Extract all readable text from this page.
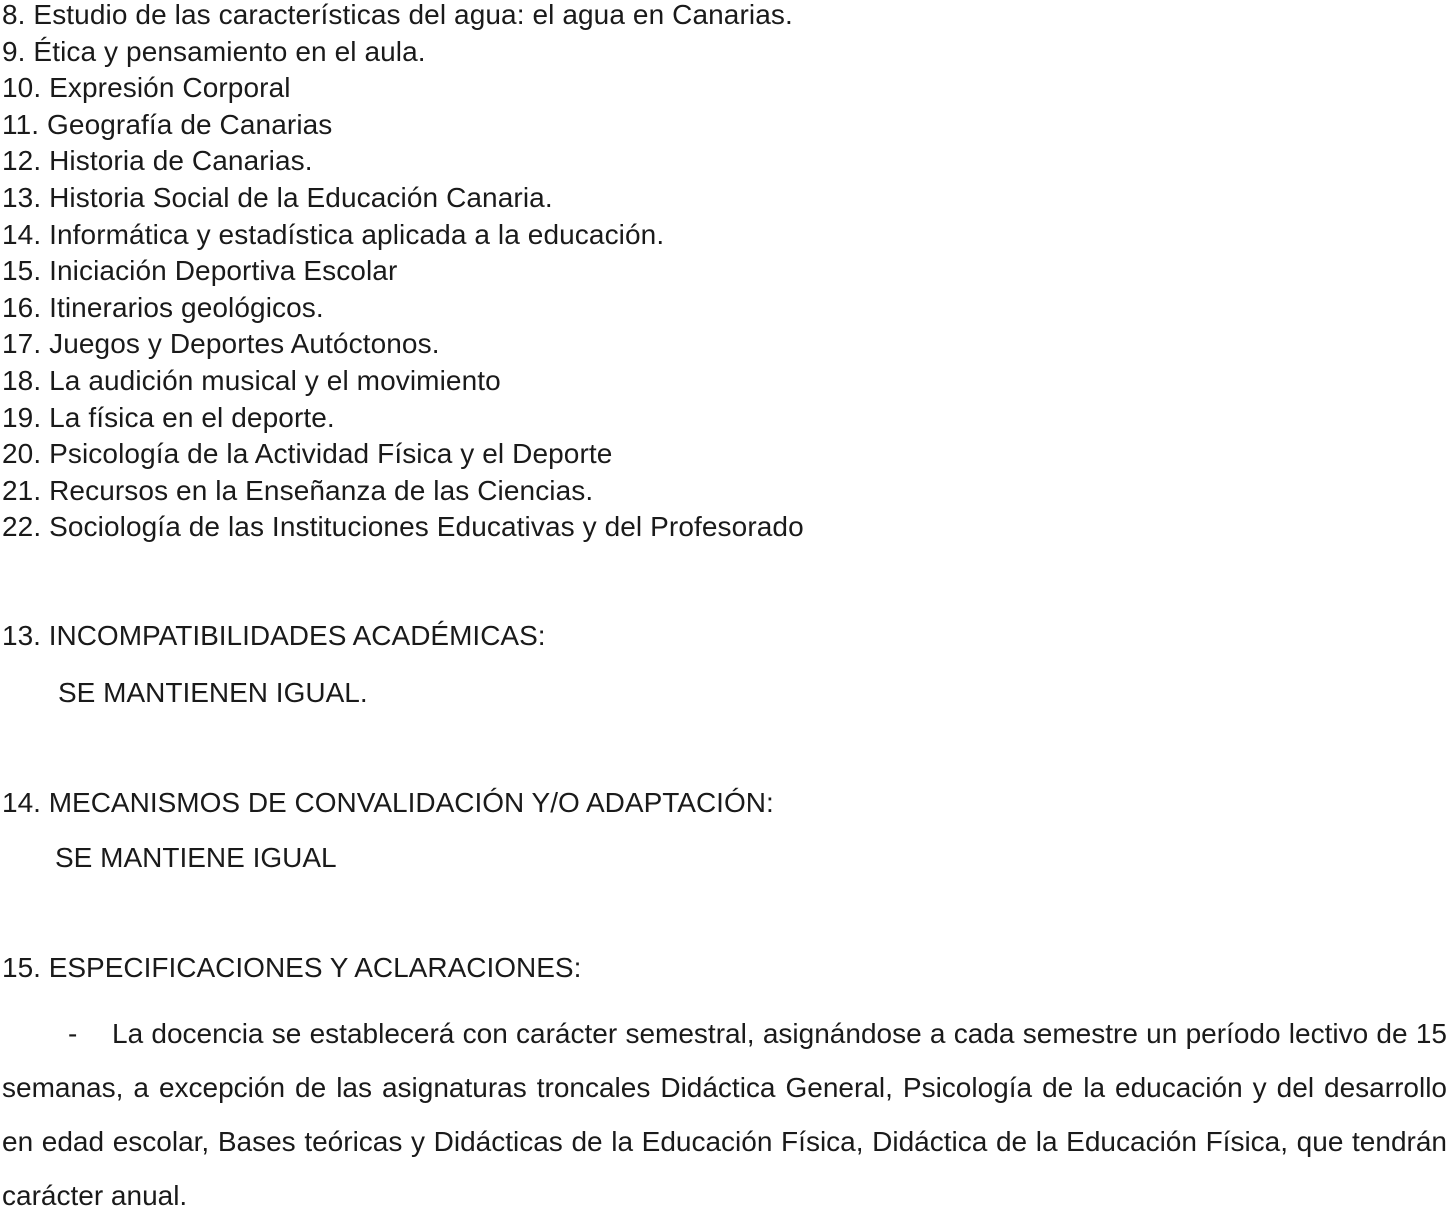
8. Estudio de las características del agua: el agua en Canarias.
9. Ética y pensamiento en el aula.
10. Expresión Corporal
11. Geografía de Canarias
12. Historia de Canarias.
13. Historia Social de la Educación Canaria.
14. Informática y estadística aplicada a la educación.
15. Iniciación Deportiva Escolar
16. Itinerarios geológicos.
17. Juegos y Deportes Autóctonos.
18. La audición musical y el movimiento
19. La física en el deporte.
20. Psicología de la Actividad Física y el Deporte
21. Recursos en la Enseñanza de las Ciencias.
22. Sociología de las Instituciones Educativas y del Profesorado
13. INCOMPATIBILIDADES ACADÉMICAS:

SE MANTIENEN IGUAL.

14. MECANISMOS DE CONVALIDACIÓN Y/O ADAPTACIÓN:

SE MANTIENE IGUAL

15. ESPECIFICACIONES Y ACLARACIONES:

- La docencia se establecerá con carácter semestral, asignándose a cada semestre un período lectivo de 15 semanas, a excepción de las asignaturas troncales Didáctica General, Psicología de la educación y del desarrollo en edad escolar, Bases teóricas y Didácticas de la Educación Física, Didáctica de la Educación Física, que tendrán carácter anual.
